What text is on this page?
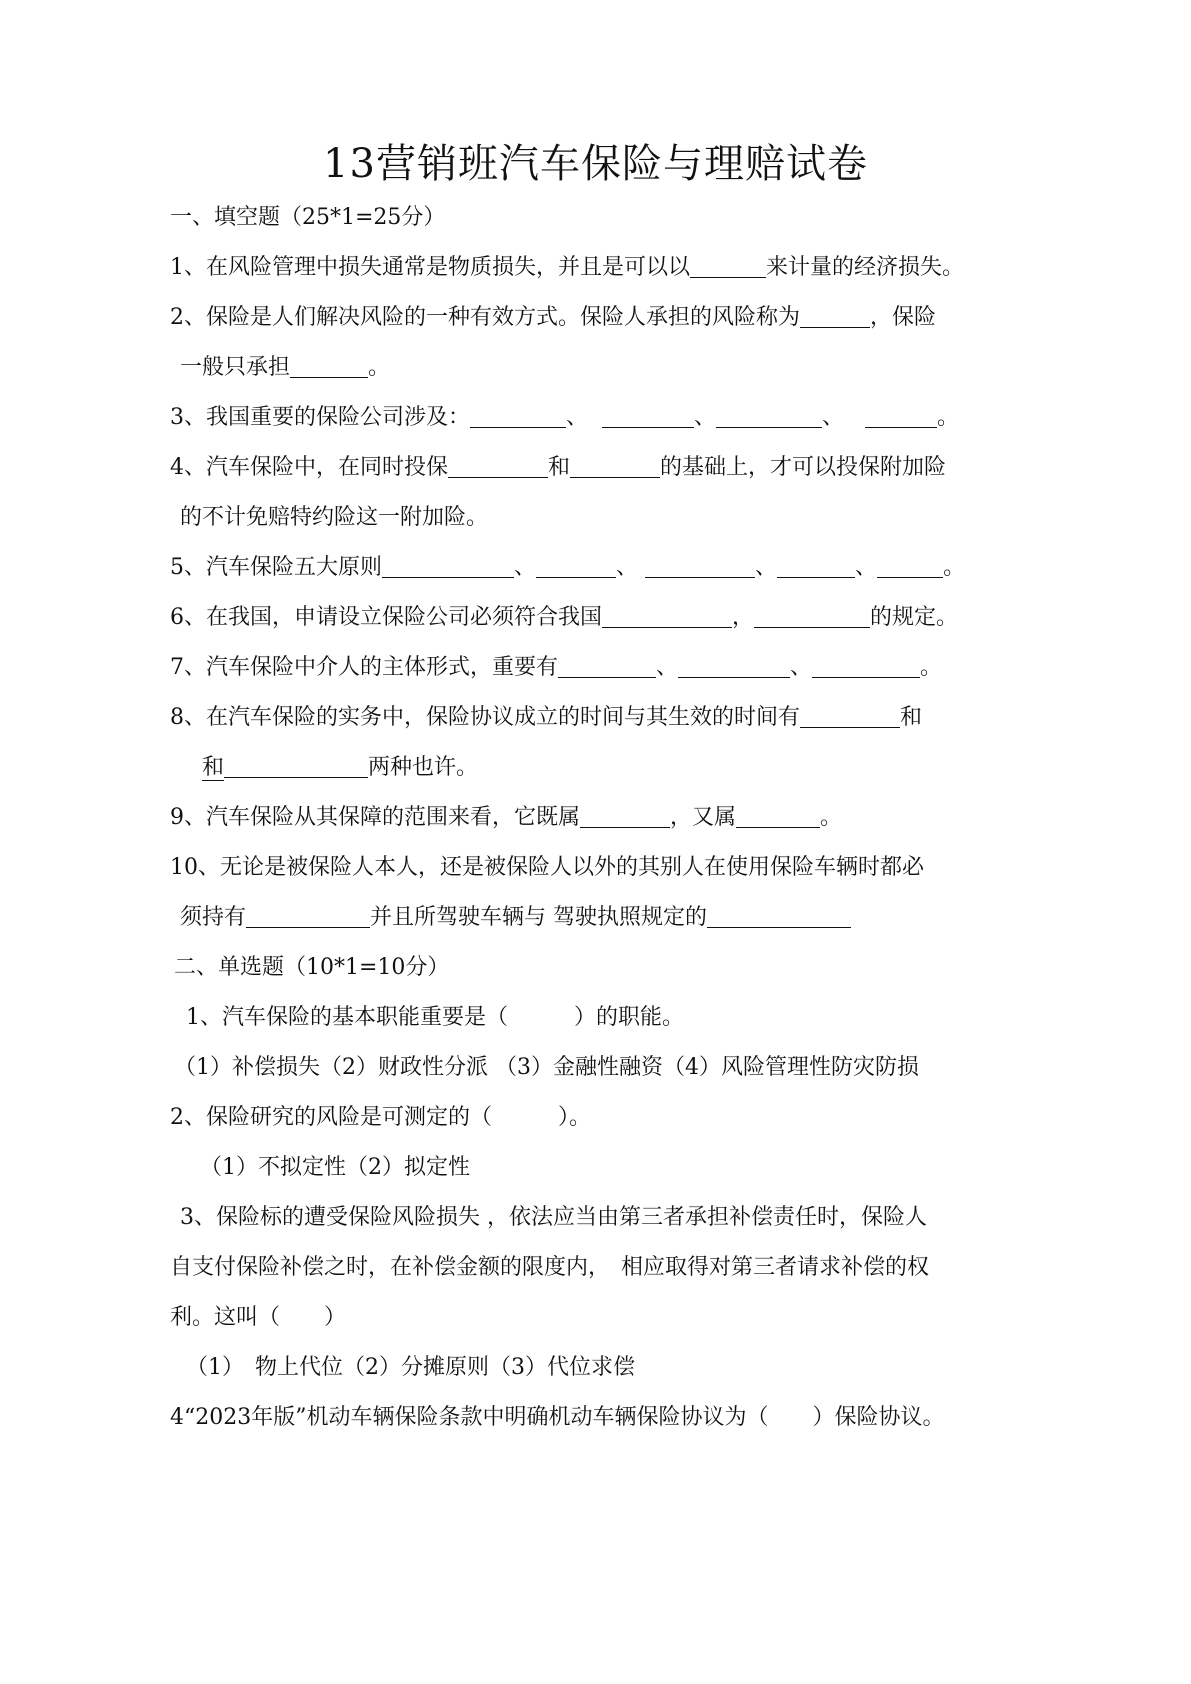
13营销班汽车保险与理赔试卷
一、填空题（25*1=25分）
1、在风险管理中损失通常是物质损失，并且是可以以	来计量的经济损失。
2、保险是人们解决风险的一种有效方式。保险人承担的风险称为	，保险
一般只承担	。
3、我国重要的保险公司涉及：	、	、	、	。
4、汽车保险中，在同时投保	和	的基础上，才可以投保附加险
的不计免赔特约险这一附加险。
5、汽车保险五大原则	、	、	、	、	。
6、在我国，申请设立保险公司必须符合我国	，	的规定。
7、汽车保险中介人的主体形式，重要有	、	、	。
8、在汽车保险的实务中，保险协议成立的时间与其生效的时间有	和
和	两种也许。
9、汽车保险从其保障的范围来看，它既属	，又属	。
10、无论是被保险人本人，还是被保险人以外的其别人在使用保险车辆时都必
须持有	并且所驾驶车辆与 驾驶执照规定的
二、单选题（10*1=10分）
1、汽车保险的基本职能重要是（　　　）的职能。
（1）补偿损失（2）财政性分派 （3）金融性融资（4）风险管理性防灾防损
2、保险研究的风险是可测定的（　　　）。
（1）不拟定性（2）拟定性
3、保险标的遭受保险风险损失 ，依法应当由第三者承担补偿责任时，保险人
自支付保险补偿之时，在补偿金额的限度内，　相应取得对第三者请求补偿的权
利。这叫（　　）
（1）　物上代位（2）分摊原则（3）代位求偿
4“2023年版”机动车辆保险条款中明确机动车辆保险协议为（　　）保险协议。
